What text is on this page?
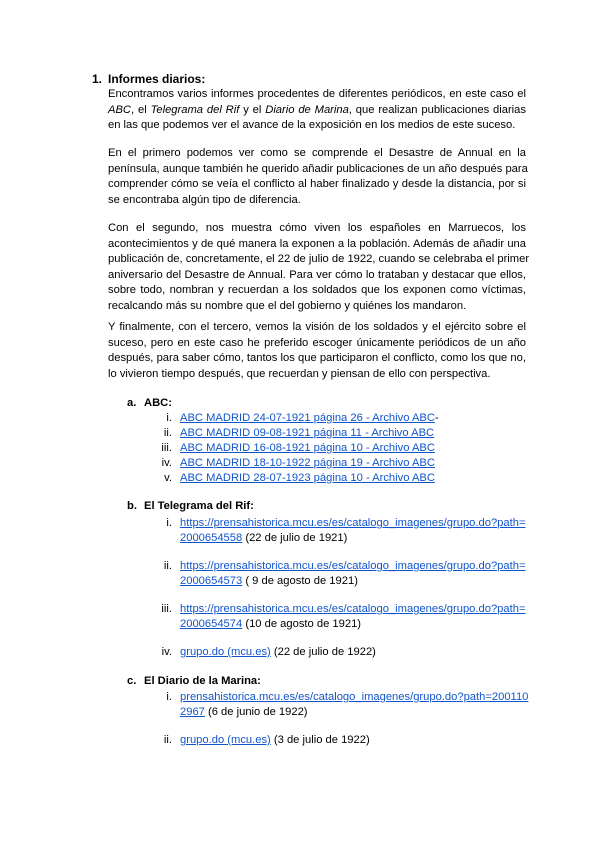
1. Informes diarios:
Encontramos varios informes procedentes de diferentes periódicos, en este caso el
ABC, el Telegrama del Rif y el Diario de Marina, que realizan publicaciones diarias
en las que podemos ver el avance de la exposición en los medios de este suceso.
En el primero podemos ver como se comprende el Desastre de Annual en la
península, aunque también he querido añadir publicaciones de un año después para
comprender cómo se veía el conflicto al haber finalizado y desde la distancia, por si
se encontraba algún tipo de diferencia.
Con el segundo, nos muestra cómo viven los españoles en Marruecos, los
acontecimientos y de qué manera la exponen a la población. Además de añadir una
publicación de, concretamente, el 22 de julio de 1922, cuando se celebraba el primer
aniversario del Desastre de Annual. Para ver cómo lo trataban y destacar que ellos,
sobre todo, nombran y recuerdan a los soldados que los exponen como víctimas,
recalcando más su nombre que el del gobierno y quiénes los mandaron.
Y finalmente, con el tercero, vemos la visión de los soldados y el ejército sobre el
suceso, pero en este caso he preferido escoger únicamente periódicos de un año
después, para saber cómo, tantos los que participaron el conflicto, como los que no,
lo vivieron tiempo después, que recuerdan y piensan de ello con perspectiva.
a. ABC:
i. ABC MADRID 24-07-1921 página 26 - Archivo ABC-
ii. ABC MADRID 09-08-1921 página 11 - Archivo ABC
iii. ABC MADRID 16-08-1921 página 10 - Archivo ABC
iv. ABC MADRID 18-10-1922 página 19 - Archivo ABC
v. ABC MADRID 28-07-1923 página 10 - Archivo ABC
b. El Telegrama del Rif:
i. https://prensahistorica.mcu.es/es/catalogo_imagenes/grupo.do?path=
2000654558 (22 de julio de 1921)
ii. https://prensahistorica.mcu.es/es/catalogo_imagenes/grupo.do?path=
2000654573 ( 9 de agosto de 1921)
iii. https://prensahistorica.mcu.es/es/catalogo_imagenes/grupo.do?path=
2000654574 (10 de agosto de 1921)
iv. grupo.do (mcu.es) (22 de julio de 1922)
c. El Diario de la Marina:
i. prensahistorica.mcu.es/es/catalogo_imagenes/grupo.do?path=200110
2967 (6 de junio de 1922)
ii. grupo.do (mcu.es) (3 de julio de 1922)
